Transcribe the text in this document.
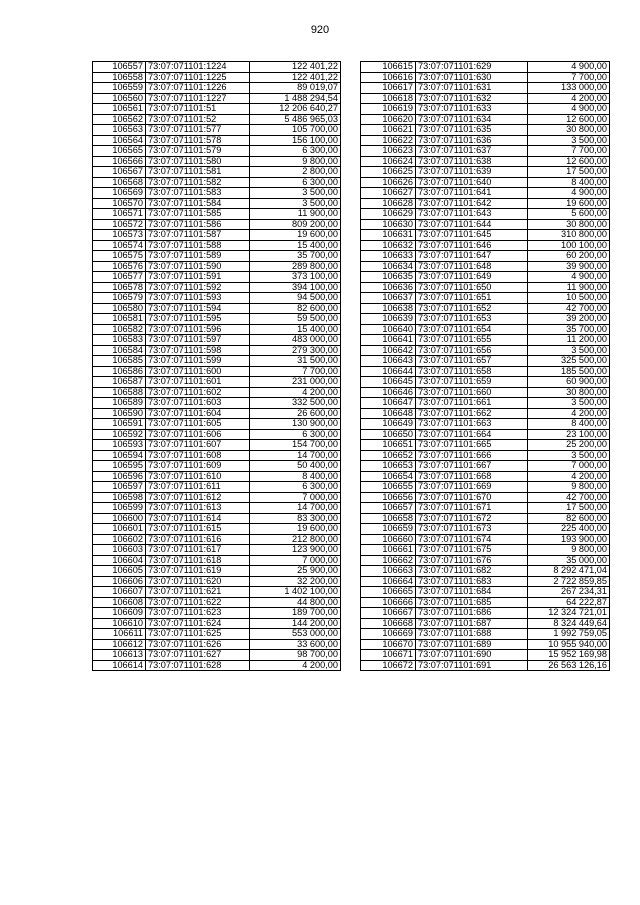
920
106557	73:07:071101:1224	122 401,22
106558	73:07:071101:1225	122 401,22
106559	73:07:071101:1226	89 019,07
106560	73:07:071101:1227	1 488 294,54
106561	73:07:071101:51	12 206 640,27
106562	73:07:071101:52	5 486 965,03
106563	73:07:071101:577	105 700,00
106564	73:07:071101:578	156 100,00
106565	73:07:071101:579	6 300,00
106566	73:07:071101:580	9 800,00
106567	73:07:071101:581	2 800,00
106568	73:07:071101:582	6 300,00
106569	73:07:071101:583	3 500,00
106570	73:07:071101:584	3 500,00
106571	73:07:071101:585	11 900,00
106572	73:07:071101:586	809 200,00
106573	73:07:071101:587	19 600,00
106574	73:07:071101:588	15 400,00
106575	73:07:071101:589	35 700,00
106576	73:07:071101:590	289 800,00
106577	73:07:071101:591	373 100,00
106578	73:07:071101:592	394 100,00
106579	73:07:071101:593	94 500,00
106580	73:07:071101:594	82 600,00
106581	73:07:071101:595	59 500,00
106582	73:07:071101:596	15 400,00
106583	73:07:071101:597	483 000,00
106584	73:07:071101:598	279 300,00
106585	73:07:071101:599	31 500,00
106586	73:07:071101:600	7 700,00
106587	73:07:071101:601	231 000,00
106588	73:07:071101:602	4 200,00
106589	73:07:071101:603	332 500,00
106590	73:07:071101:604	26 600,00
106591	73:07:071101:605	130 900,00
106592	73:07:071101:606	6 300,00
106593	73:07:071101:607	154 700,00
106594	73:07:071101:608	14 700,00
106595	73:07:071101:609	50 400,00
106596	73:07:071101:610	8 400,00
106597	73:07:071101:611	6 300,00
106598	73:07:071101:612	7 000,00
106599	73:07:071101:613	14 700,00
106600	73:07:071101:614	83 300,00
106601	73:07:071101:615	19 600,00
106602	73:07:071101:616	212 800,00
106603	73:07:071101:617	123 900,00
106604	73:07:071101:618	7 000,00
106605	73:07:071101:619	25 900,00
106606	73:07:071101:620	32 200,00
106607	73:07:071101:621	1 402 100,00
106608	73:07:071101:622	44 800,00
106609	73:07:071101:623	189 700,00
106610	73:07:071101:624	144 200,00
106611	73:07:071101:625	553 000,00
106612	73:07:071101:626	33 600,00
106613	73:07:071101:627	98 700,00
106614	73:07:071101:628	4 200,00
106615	73:07:071101:629	4 900,00
106616	73:07:071101:630	7 700,00
106617	73:07:071101:631	133 000,00
106618	73:07:071101:632	4 200,00
106619	73:07:071101:633	4 900,00
106620	73:07:071101:634	12 600,00
106621	73:07:071101:635	30 800,00
106622	73:07:071101:636	3 500,00
106623	73:07:071101:637	7 700,00
106624	73:07:071101:638	12 600,00
106625	73:07:071101:639	17 500,00
106626	73:07:071101:640	8 400,00
106627	73:07:071101:641	4 900,00
106628	73:07:071101:642	19 600,00
106629	73:07:071101:643	5 600,00
106630	73:07:071101:644	30 800,00
106631	73:07:071101:645	310 800,00
106632	73:07:071101:646	100 100,00
106633	73:07:071101:647	60 200,00
106634	73:07:071101:648	39 900,00
106635	73:07:071101:649	4 900,00
106636	73:07:071101:650	11 900,00
106637	73:07:071101:651	10 500,00
106638	73:07:071101:652	42 700,00
106639	73:07:071101:653	39 200,00
106640	73:07:071101:654	35 700,00
106641	73:07:071101:655	11 200,00
106642	73:07:071101:656	3 500,00
106643	73:07:071101:657	325 500,00
106644	73:07:071101:658	185 500,00
106645	73:07:071101:659	60 900,00
106646	73:07:071101:660	30 800,00
106647	73:07:071101:661	3 500,00
106648	73:07:071101:662	4 200,00
106649	73:07:071101:663	8 400,00
106650	73:07:071101:664	23 100,00
106651	73:07:071101:665	25 200,00
106652	73:07:071101:666	3 500,00
106653	73:07:071101:667	7 000,00
106654	73:07:071101:668	4 200,00
106655	73:07:071101:669	9 800,00
106656	73:07:071101:670	42 700,00
106657	73:07:071101:671	17 500,00
106658	73:07:071101:672	82 600,00
106659	73:07:071101:673	225 400,00
106660	73:07:071101:674	193 900,00
106661	73:07:071101:675	9 800,00
106662	73:07:071101:676	35 000,00
106663	73:07:071101:682	8 292 471,04
106664	73:07:071101:683	2 722 859,85
106665	73:07:071101:684	267 234,31
106666	73:07:071101:685	64 222,87
106667	73:07:071101:686	12 324 721,01
106668	73:07:071101:687	8 324 449,64
106669	73:07:071101:688	1 992 759,05
106670	73:07:071101:689	10 955 940,00
106671	73:07:071101:690	15 952 169,98
106672	73:07:071101:691	26 563 126,16
